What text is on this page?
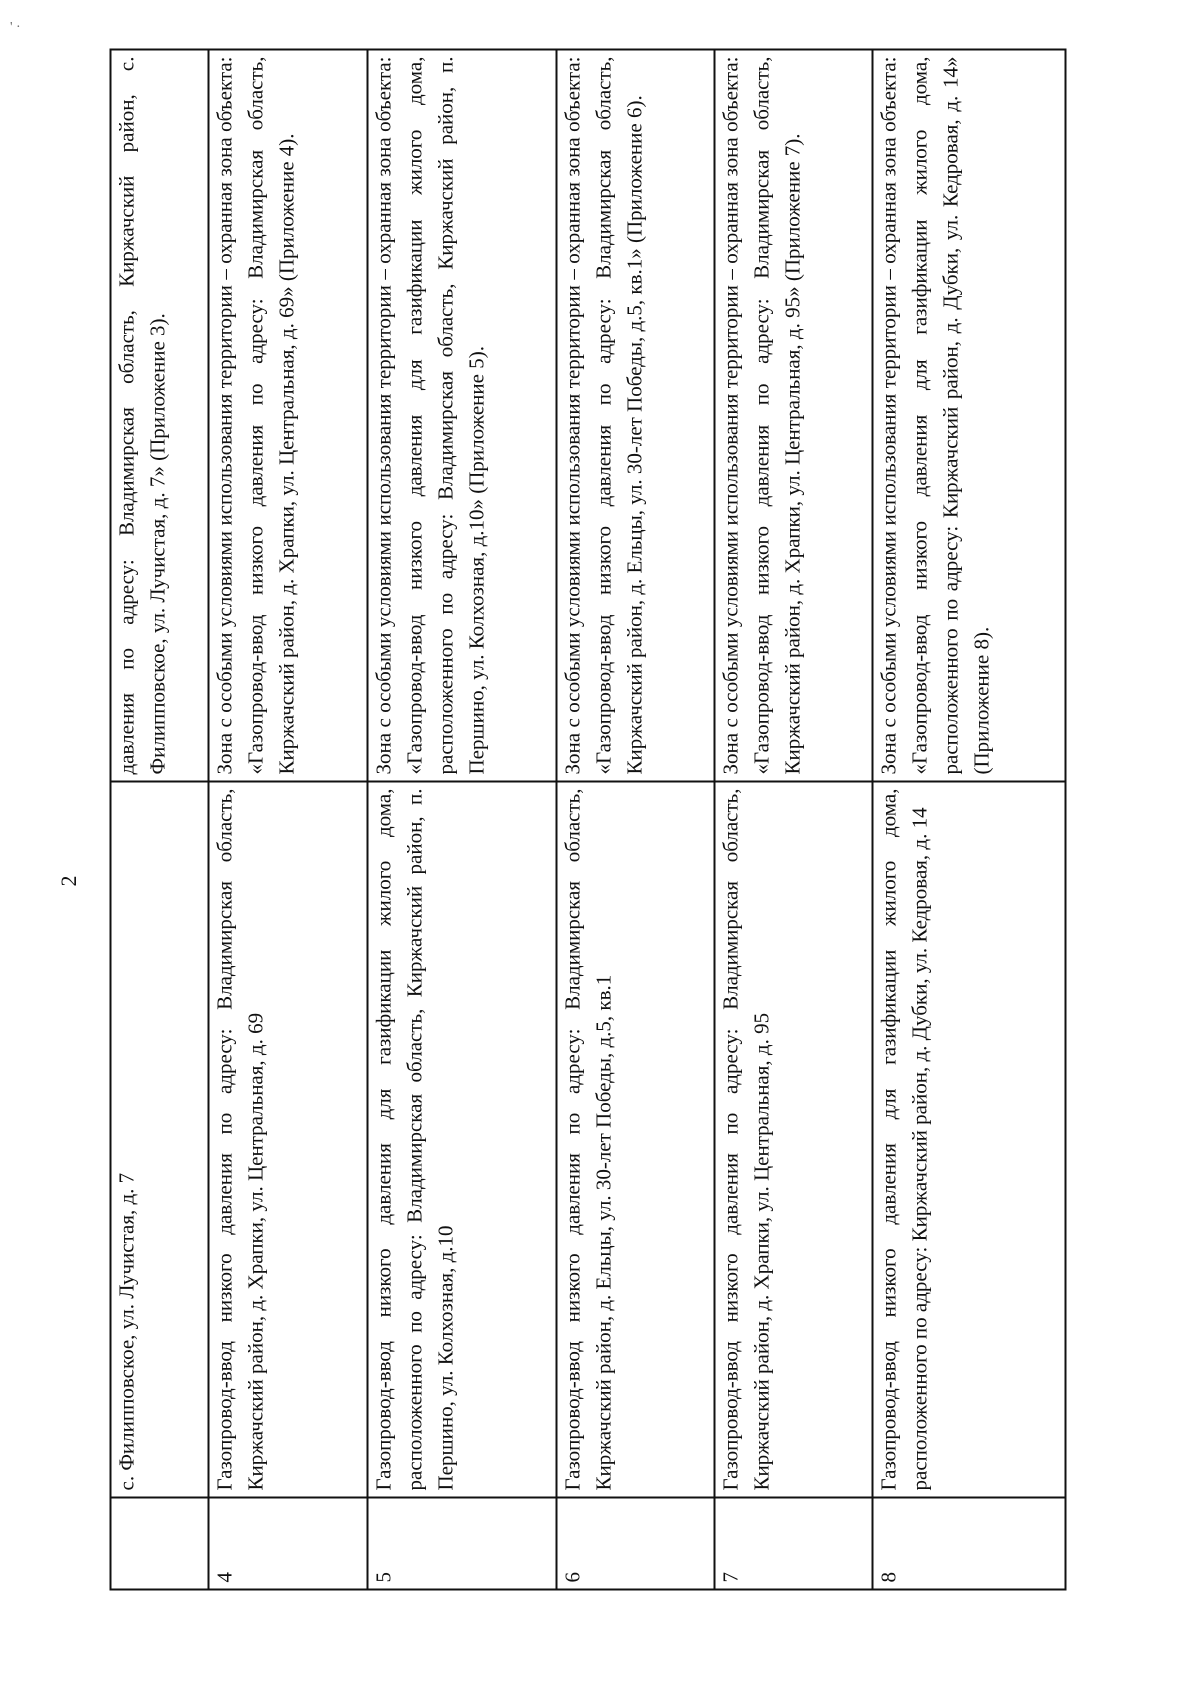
' ·
2
	с. Филипповское, ул. Лучистая, д. 7	давления по адресу: Владимирская область, Киржачский район, с. Филипповское, ул. Лучистая, д. 7» (Приложение 3).
4	Газопровод-ввод низкого давления по адресу: Владимирская область, Киржачский район, д. Храпки, ул. Центральная, д. 69	Зона с особыми условиями использования территории – охранная зона объекта: «Газопровод-ввод низкого давления по адресу: Владимирская область, Киржачский район, д. Храпки, ул. Центральная, д. 69» (Приложение 4).
5	Газопровод-ввод низкого давления для газификации жилого дома, расположенного по адресу: Владимирская область, Киржачский район, п. Першино, ул. Колхозная, д.10	Зона с особыми условиями использования территории – охранная зона объекта: «Газопровод-ввод низкого давления для газификации жилого дома, расположенного по адресу: Владимирская область, Киржачский район, п. Першино, ул. Колхозная, д.10» (Приложение 5).
6	Газопровод-ввод низкого давления по адресу: Владимирская область, Киржачский район, д. Ельцы, ул. 30-лет Победы, д.5, кв.1	Зона с особыми условиями использования территории – охранная зона объекта: «Газопровод-ввод низкого давления по адресу: Владимирская область, Киржачский район, д. Ельцы, ул. 30-лет Победы, д.5, кв.1» (Приложение 6).
7	Газопровод-ввод низкого давления по адресу: Владимирская область, Киржачский район, д. Храпки, ул. Центральная, д. 95	Зона с особыми условиями использования территории – охранная зона объекта: «Газопровод-ввод низкого давления по адресу: Владимирская область, Киржачский район, д. Храпки, ул. Центральная, д. 95» (Приложение 7).
8	Газопровод-ввод низкого давления для газификации жилого дома, расположенного по адресу: Киржачский район, д. Дубки, ул. Кедровая, д. 14	Зона с особыми условиями использования территории – охранная зона объекта: «Газопровод-ввод низкого давления для газификации жилого дома, расположенного по адресу: Киржачский район, д. Дубки, ул. Кедровая, д. 14» (Приложение 8).
